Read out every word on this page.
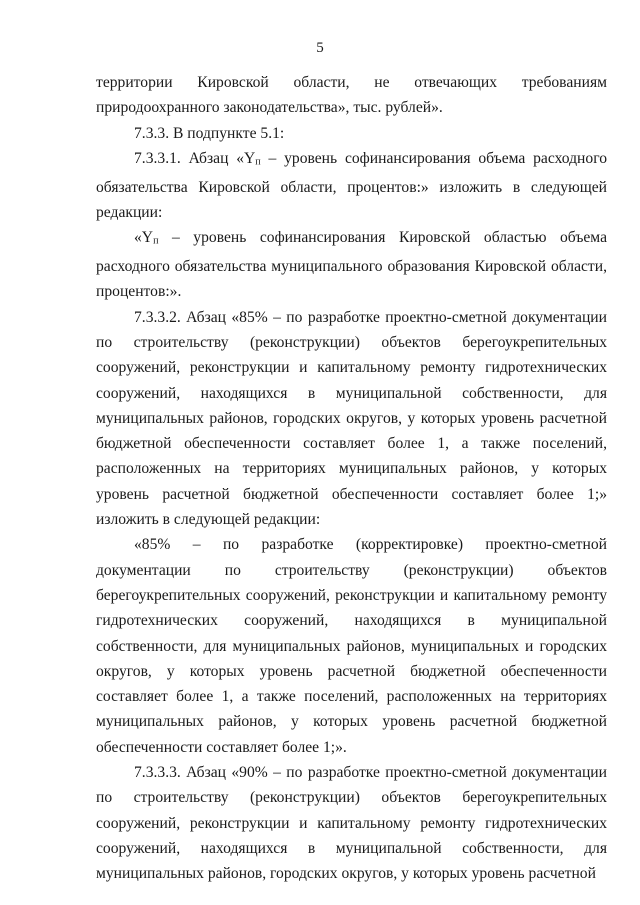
5

территории Кировской области, не отвечающих требованиям природоохранного законодательства», тыс. рублей».

7.3.3. В подпункте 5.1:

7.3.3.1. Абзац «Yп – уровень софинансирования объема расходного обязательства Кировской области, процентов:» изложить в следующей редакции:

«Yп – уровень софинансирования Кировской областью объема расходного обязательства муниципального образования Кировской области, процентов:».

7.3.3.2. Абзац «85% – по разработке проектно-сметной документации по строительству (реконструкции) объектов берегоукрепительных сооружений, реконструкции и капитальному ремонту гидротехнических сооружений, находящихся в муниципальной собственности, для муниципальных районов, городских округов, у которых уровень расчетной бюджетной обеспеченности составляет более 1, а также поселений, расположенных на территориях муниципальных районов, у которых уровень расчетной бюджетной обеспеченности составляет более 1;» изложить в следующей редакции:

«85% – по разработке (корректировке) проектно-сметной документации по строительству (реконструкции) объектов берегоукрепительных сооружений, реконструкции и капитальному ремонту гидротехнических сооружений, находящихся в муниципальной собственности, для муниципальных районов, муниципальных и городских округов, у которых уровень расчетной бюджетной обеспеченности составляет более 1, а также поселений, расположенных на территориях муниципальных районов, у которых уровень расчетной бюджетной обеспеченности составляет более 1;».

7.3.3.3. Абзац «90% – по разработке проектно-сметной документации по строительству (реконструкции) объектов берегоукрепительных сооружений, реконструкции и капитальному ремонту гидротехнических сооружений, находящихся в муниципальной собственности, для муниципальных районов, городских округов, у которых уровень расчетной
